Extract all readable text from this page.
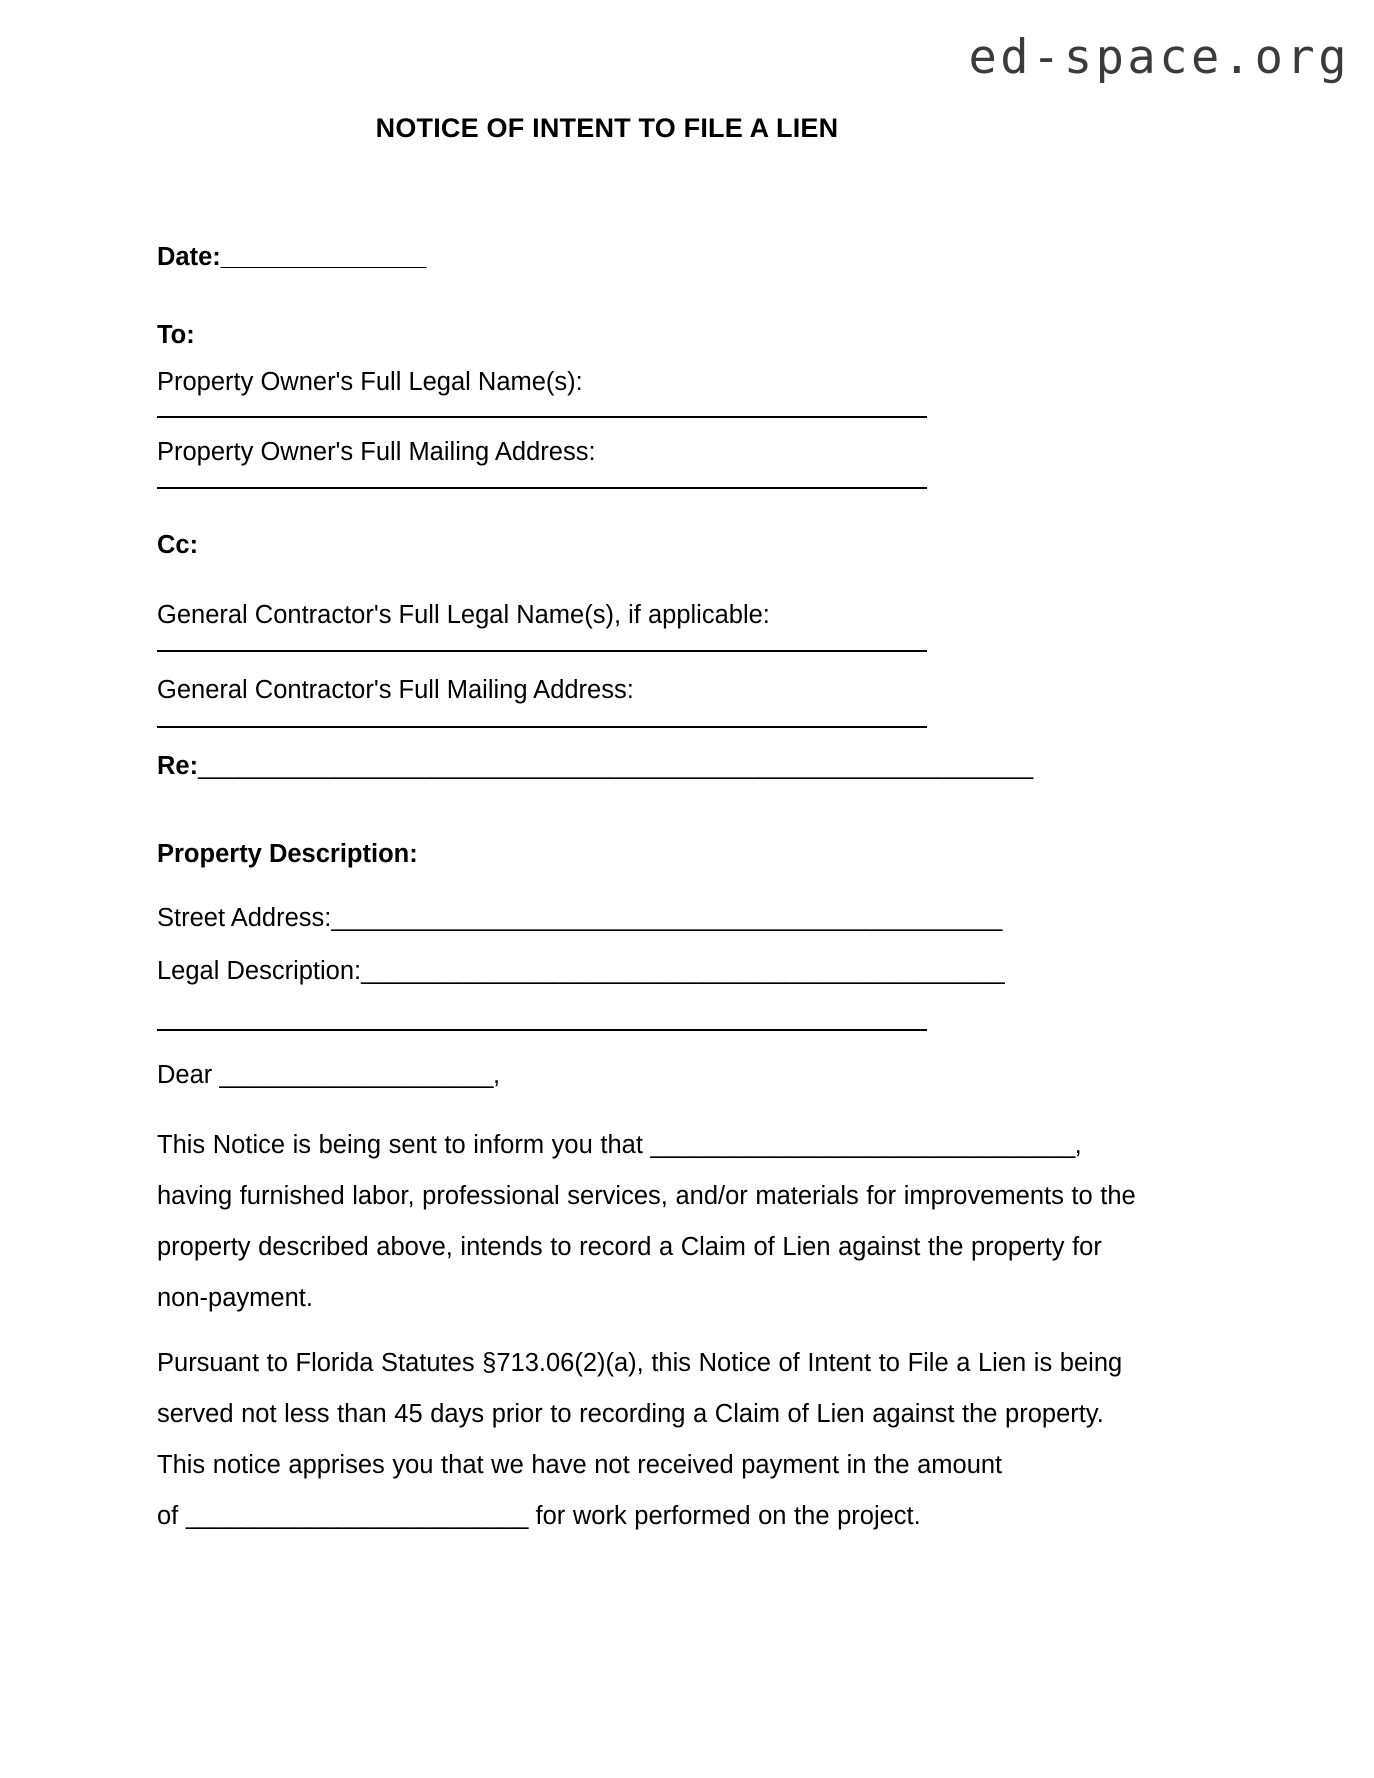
ed-space.org
NOTICE OF INTENT TO FILE A LIEN
Date:_______________
To:
Property Owner's Full Legal Name(s):
Property Owner's Full Mailing Address:
Cc:
General Contractor's Full Legal Name(s), if applicable:
General Contractor's Full Mailing Address:
Re:_____________________________________________________________
Property Description:
Street Address:_________________________________________________
Legal Description:_______________________________________________
Dear ____________________,

This Notice is being sent to inform you that _______________________________, having furnished labor, professional services, and/or materials for improvements to the property described above, intends to record a Claim of Lien against the property for non-payment.

Pursuant to Florida Statutes §713.06(2)(a), this Notice of Intent to File a Lien is being served not less than 45 days prior to recording a Claim of Lien against the property. This notice apprises you that we have not received payment in the amount of _________________________ for work performed on the project.
